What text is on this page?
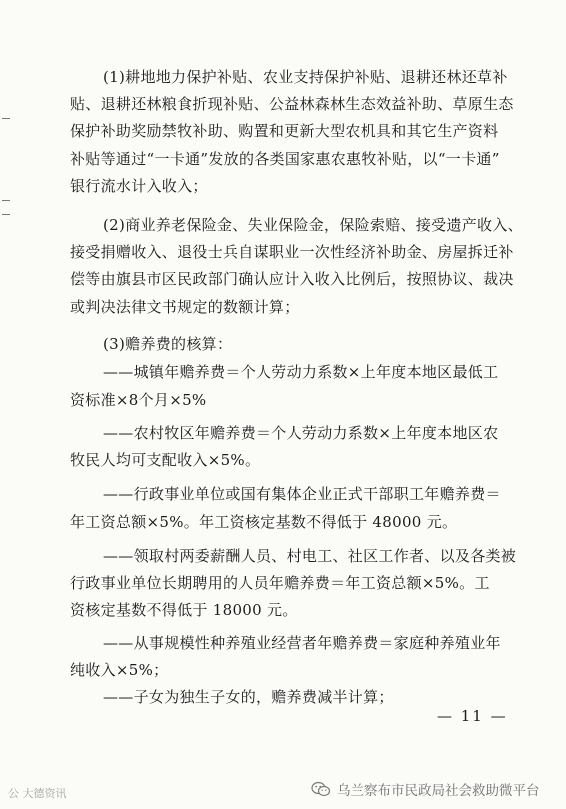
(1)耕地地力保护补贴、农业支持保护补贴、退耕还林还草补
贴、退耕还林粮食折现补贴、公益林森林生态效益补助、草原生态
保护补助奖励禁牧补助、购置和更新大型农机具和其它生产资料
补贴等通过“一卡通”发放的各类国家惠农惠牧补贴，以“一卡通”
银行流水计入收入；
(2)商业养老保险金、失业保险金，保险索赔、接受遗产收入、
接受捐赠收入、退役士兵自谋职业一次性经济补助金、房屋拆迁补
偿等由旗县市区民政部门确认应计入收入比例后，按照协议、裁决
或判决法律文书规定的数额计算；
(3)赡养费的核算：
——城镇年赡养费＝个人劳动力系数×上年度本地区最低工
资标准×8个月×5%
——农村牧区年赡养费＝个人劳动力系数×上年度本地区农
牧民人均可支配收入×5%。
——行政事业单位或国有集体企业正式干部职工年赡养费＝
年工资总额×5%。年工资核定基数不得低于 48000 元。
——领取村两委薪酬人员、村电工、社区工作者、以及各类被
行政事业单位长期聘用的人员年赡养费＝年工资总额×5%。工
资核定基数不得低于 18000 元。
——从事规模性种养殖业经营者年赡养费＝家庭种养殖业年
纯收入×5%；
——子女为独生子女的，赡养费减半计算；
— 11 —
公 大德资讯	乌兰察布市民政局社会救助微平台
